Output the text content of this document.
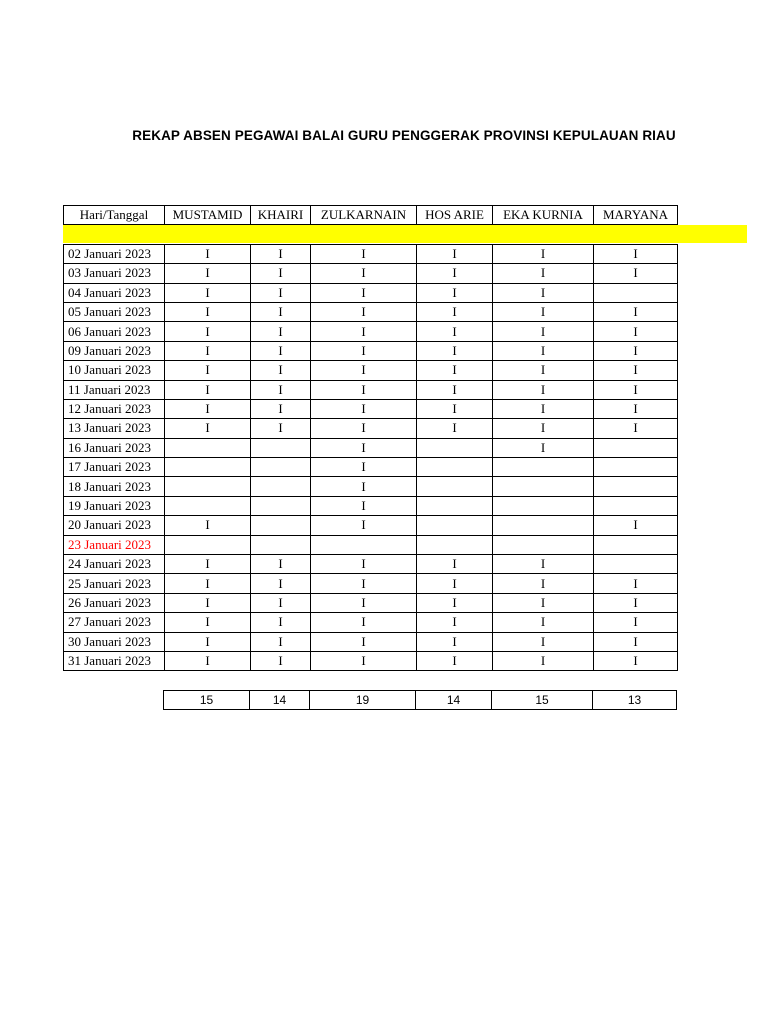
REKAP ABSEN PEGAWAI BALAI GURU PENGGERAK PROVINSI KEPULAUAN RIAU
Hari/Tanggal	MUSTAMID	KHAIRI	ZULKARNAIN	HOS ARIE	EKA KURNIA	MARYANA

02 Januari 2023	I	I	I	I	I	I
03 Januari 2023	I	I	I	I	I	I
04 Januari 2023	I	I	I	I	I	
05 Januari 2023	I	I	I	I	I	I
06 Januari 2023	I	I	I	I	I	I
09 Januari 2023	I	I	I	I	I	I
10 Januari 2023	I	I	I	I	I	I
11 Januari 2023	I	I	I	I	I	I
12 Januari 2023	I	I	I	I	I	I
13 Januari 2023	I	I	I	I	I	I
16 Januari 2023			I		I	
17 Januari 2023			I			
18 Januari 2023			I			
19 Januari 2023			I			
20 Januari 2023	I		I			I
23 Januari 2023						
24 Januari 2023	I	I	I	I	I	
25 Januari 2023	I	I	I	I	I	I
26 Januari 2023	I	I	I	I	I	I
27 Januari 2023	I	I	I	I	I	I
30 Januari 2023	I	I	I	I	I	I
31 Januari 2023	I	I	I	I	I	I
15	14	19	14	15	13
